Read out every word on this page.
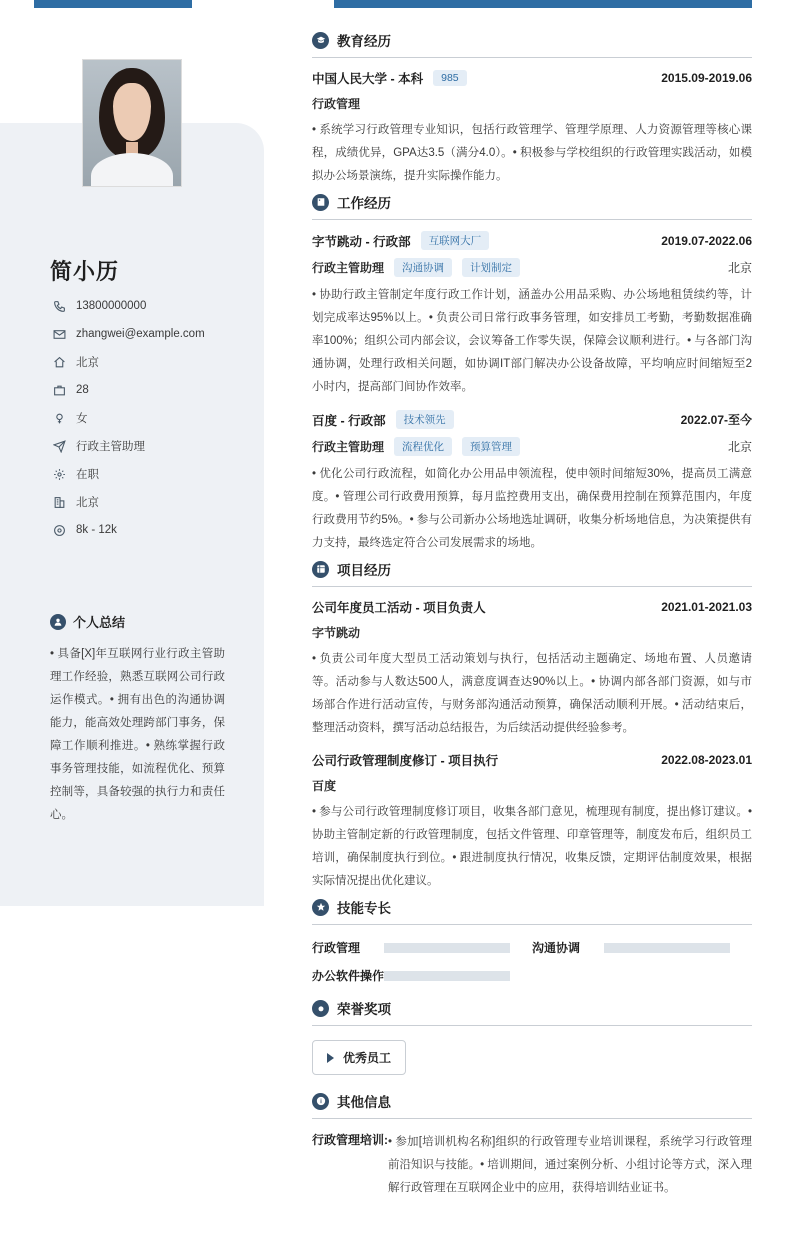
简小历
13800000000
zhangwei@example.com
北京
28
女
行政主管助理
在职
北京
8k - 12k
个人总结
• 具备[X]年互联网行业行政主管助理工作经验，熟悉互联网公司行政运作模式。• 拥有出色的沟通协调能力，能高效处理跨部门事务，保障工作顺利推进。• 熟练掌握行政事务管理技能，如流程优化、预算控制等，具备较强的执行力和责任心。
教育经历
中国人民大学 - 本科	985	2015.09-2019.06
行政管理
• 系统学习行政管理专业知识，包括行政管理学、管理学原理、人力资源管理等核心课程，成绩优异，GPA达3.5（满分4.0）。• 积极参与学校组织的行政管理实践活动，如模拟办公场景演练，提升实际操作能力。
工作经历
字节跳动 - 行政部	互联网大厂	2019.07-2022.06
行政主管助理	沟通协调	计划制定	北京
• 协助行政主管制定年度行政工作计划，涵盖办公用品采购、办公场地租赁续约等，计划完成率达95%以上。• 负责公司日常行政事务管理，如安排员工考勤，考勤数据准确率100%；组织公司内部会议，会议筹备工作零失误，保障会议顺利进行。• 与各部门沟通协调，处理行政相关问题，如协调IT部门解决办公设备故障，平均响应时间缩短至2小时内，提高部门间协作效率。
百度 - 行政部	技术领先	2022.07-至今
行政主管助理	流程优化	预算管理	北京
• 优化公司行政流程，如简化办公用品申领流程，使申领时间缩短30%，提高员工满意度。• 管理公司行政费用预算，每月监控费用支出，确保费用控制在预算范围内，年度行政费用节约5%。• 参与公司新办公场地选址调研，收集分析场地信息，为决策提供有力支持，最终选定符合公司发展需求的场地。
项目经历
公司年度员工活动 - 项目负责人	2021.01-2021.03
字节跳动
• 负责公司年度大型员工活动策划与执行，包括活动主题确定、场地布置、人员邀请等。活动参与人数达500人，满意度调查达90%以上。• 协调内部各部门资源，如与市场部合作进行活动宣传，与财务部沟通活动预算，确保活动顺利开展。• 活动结束后，整理活动资料，撰写活动总结报告，为后续活动提供经验参考。
公司行政管理制度修订 - 项目执行	2022.08-2023.01
百度
• 参与公司行政管理制度修订项目，收集各部门意见，梳理现有制度，提出修订建议。• 协助主管制定新的行政管理制度，包括文件管理、印章管理等，制度发布后，组织员工培训，确保制度执行到位。• 跟进制度执行情况，收集反馈，定期评估制度效果，根据实际情况提出优化建议。
技能专长
行政管理	沟通协调
办公软件操作
荣誉奖项
优秀员工
其他信息
行政管理培训: • 参加[培训机构名称]组织的行政管理专业培训课程，系统学习行政管理前沿知识与技能。• 培训期间，通过案例分析、小组讨论等方式，深入理解行政管理在互联网企业中的应用，获得培训结业证书。
